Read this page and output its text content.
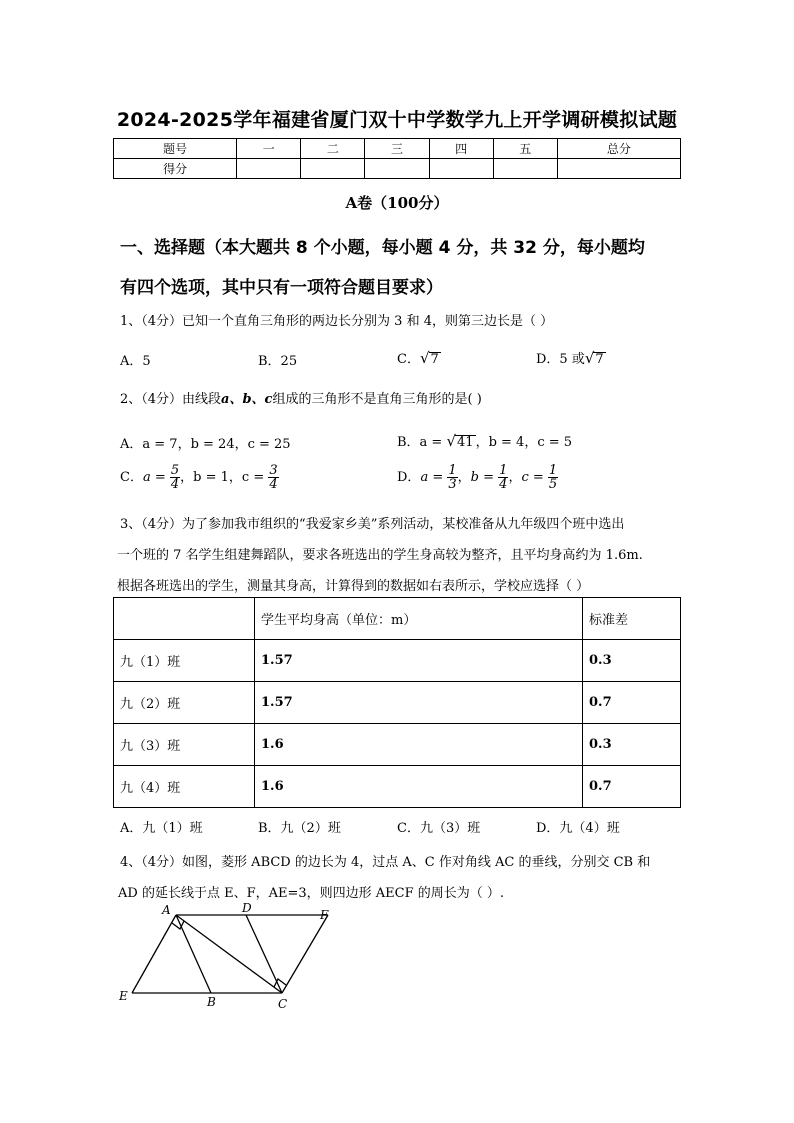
2024-2025学年福建省厦门双十中学数学九上开学调研模拟试题
题号	一	二	三	四	五	总分
得分						
A卷（100分）
一、选择题（本大题共 8 个小题，每小题 4 分，共 32 分，每小题均
有四个选项，其中只有一项符合题目要求）
1、（4分）已知一个直角三角形的两边长分别为 3 和 4，则第三边长是（ ）
A．5	B．25	C．√7	D．5 或√7
2、（4分）由线段a、b、c组成的三角形不是直角三角形的是( )
A．a = 7，b = 24，c = 25	B．a = √41 ，b = 4，c = 5
C．$a = \frac{5}{4}$ ，b = 1，$c = \frac{3}{4}$	D．$a = \frac{1}{3}$ ，$b = \frac{1}{4}$ ，$c = \frac{1}{5}$
3、（4分）为了参加我市组织的“我爱家乡美”系列活动，某校准备从九年级四个班中选出
一个班的 7 名学生组建舞蹈队，要求各班选出的学生身高较为整齐，且平均身高约为 1.6m.
根据各班选出的学生，测量其身高，计算得到的数据如右表所示，学校应选择（ ）
	学生平均身高（单位：m）	标准差
九（1）班	1.57	0.3
九（2）班	1.57	0.7
九（3）班	1.6	0.3
九（4）班	1.6	0.7
A．九（1）班	B．九（2）班	C．九（3）班	D．九（4）班
4、（4分）如图，菱形 ABCD 的边长为 4，过点 A、C 作对角线 AC 的垂线，分别交 CB 和
AD 的延长线于点 E、F，AE=3，则四边形 AECF 的周长为（ ）.
A	D	F
E	B	C
